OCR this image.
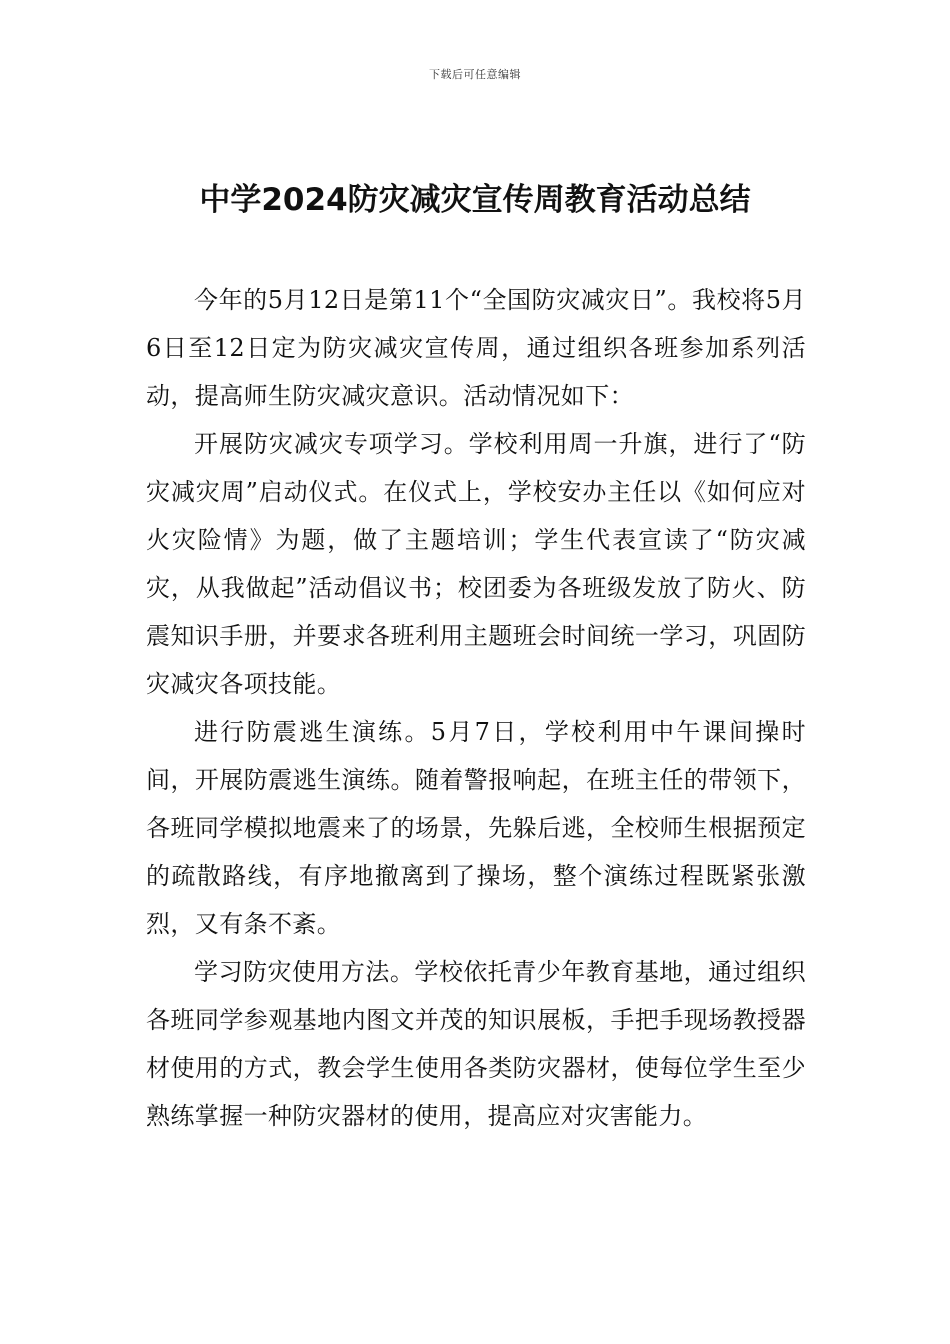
下载后可任意编辑
中学2024防灾减灾宣传周教育活动总结

今年的5月12日是第11个“全国防灾减灾日”。我校将5月6日至12日定为防灾减灾宣传周，通过组织各班参加系列活动，提高师生防灾减灾意识。活动情况如下：

开展防灾减灾专项学习。学校利用周一升旗，进行了“防灾减灾周”启动仪式。在仪式上，学校安办主任以《如何应对火灾险情》为题，做了主题培训；学生代表宣读了“防灾减灾，从我做起”活动倡议书；校团委为各班级发放了防火、防震知识手册，并要求各班利用主题班会时间统一学习，巩固防灾减灾各项技能。

进行防震逃生演练。5月7日，学校利用中午课间操时间，开展防震逃生演练。随着警报响起，在班主任的带领下，各班同学模拟地震来了的场景，先躲后逃，全校师生根据预定的疏散路线，有序地撤离到了操场，整个演练过程既紧张激烈，又有条不紊。

学习防灾使用方法。学校依托青少年教育基地，通过组织各班同学参观基地内图文并茂的知识展板，手把手现场教授器材使用的方式，教会学生使用各类防灾器材，使每位学生至少熟练掌握一种防灾器材的使用，提高应对灾害能力。
